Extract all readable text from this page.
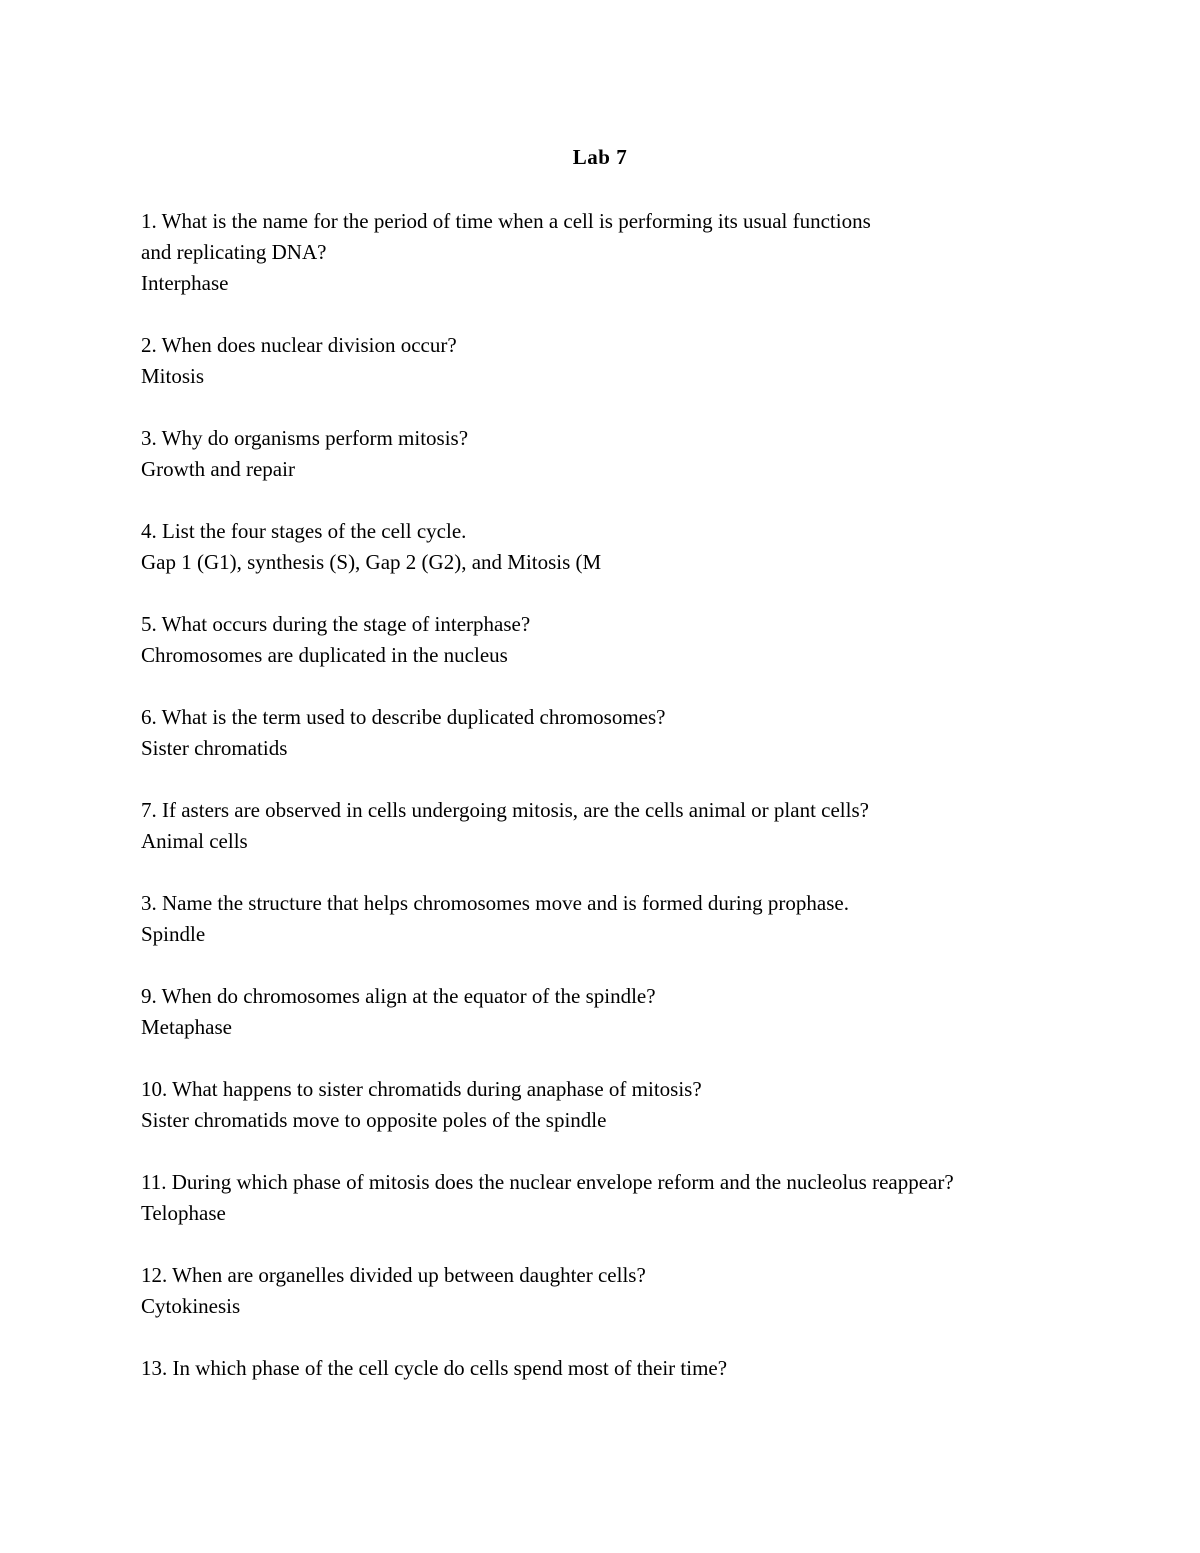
Lab 7
1. What is the name for the period of time when a cell is performing its usual functions
and replicating DNA?
Interphase
2. When does nuclear division occur?
Mitosis
3. Why do organisms perform mitosis?
Growth and repair
4. List the four stages of the cell cycle.
Gap 1 (G1), synthesis (S), Gap 2 (G2), and Mitosis (M
5. What occurs during the stage of interphase?
Chromosomes are duplicated in the nucleus
6. What is the term used to describe duplicated chromosomes?
Sister chromatids
7. If asters are observed in cells undergoing mitosis, are the cells animal or plant cells?
Animal cells
3. Name the structure that helps chromosomes move and is formed during prophase.
Spindle
9. When do chromosomes align at the equator of the spindle?
Metaphase
10. What happens to sister chromatids during anaphase of mitosis?
Sister chromatids move to opposite poles of the spindle
11. During which phase of mitosis does the nuclear envelope reform and the nucleolus reappear?
Telophase
12. When are organelles divided up between daughter cells?
Cytokinesis
13. In which phase of the cell cycle do cells spend most of their time?
